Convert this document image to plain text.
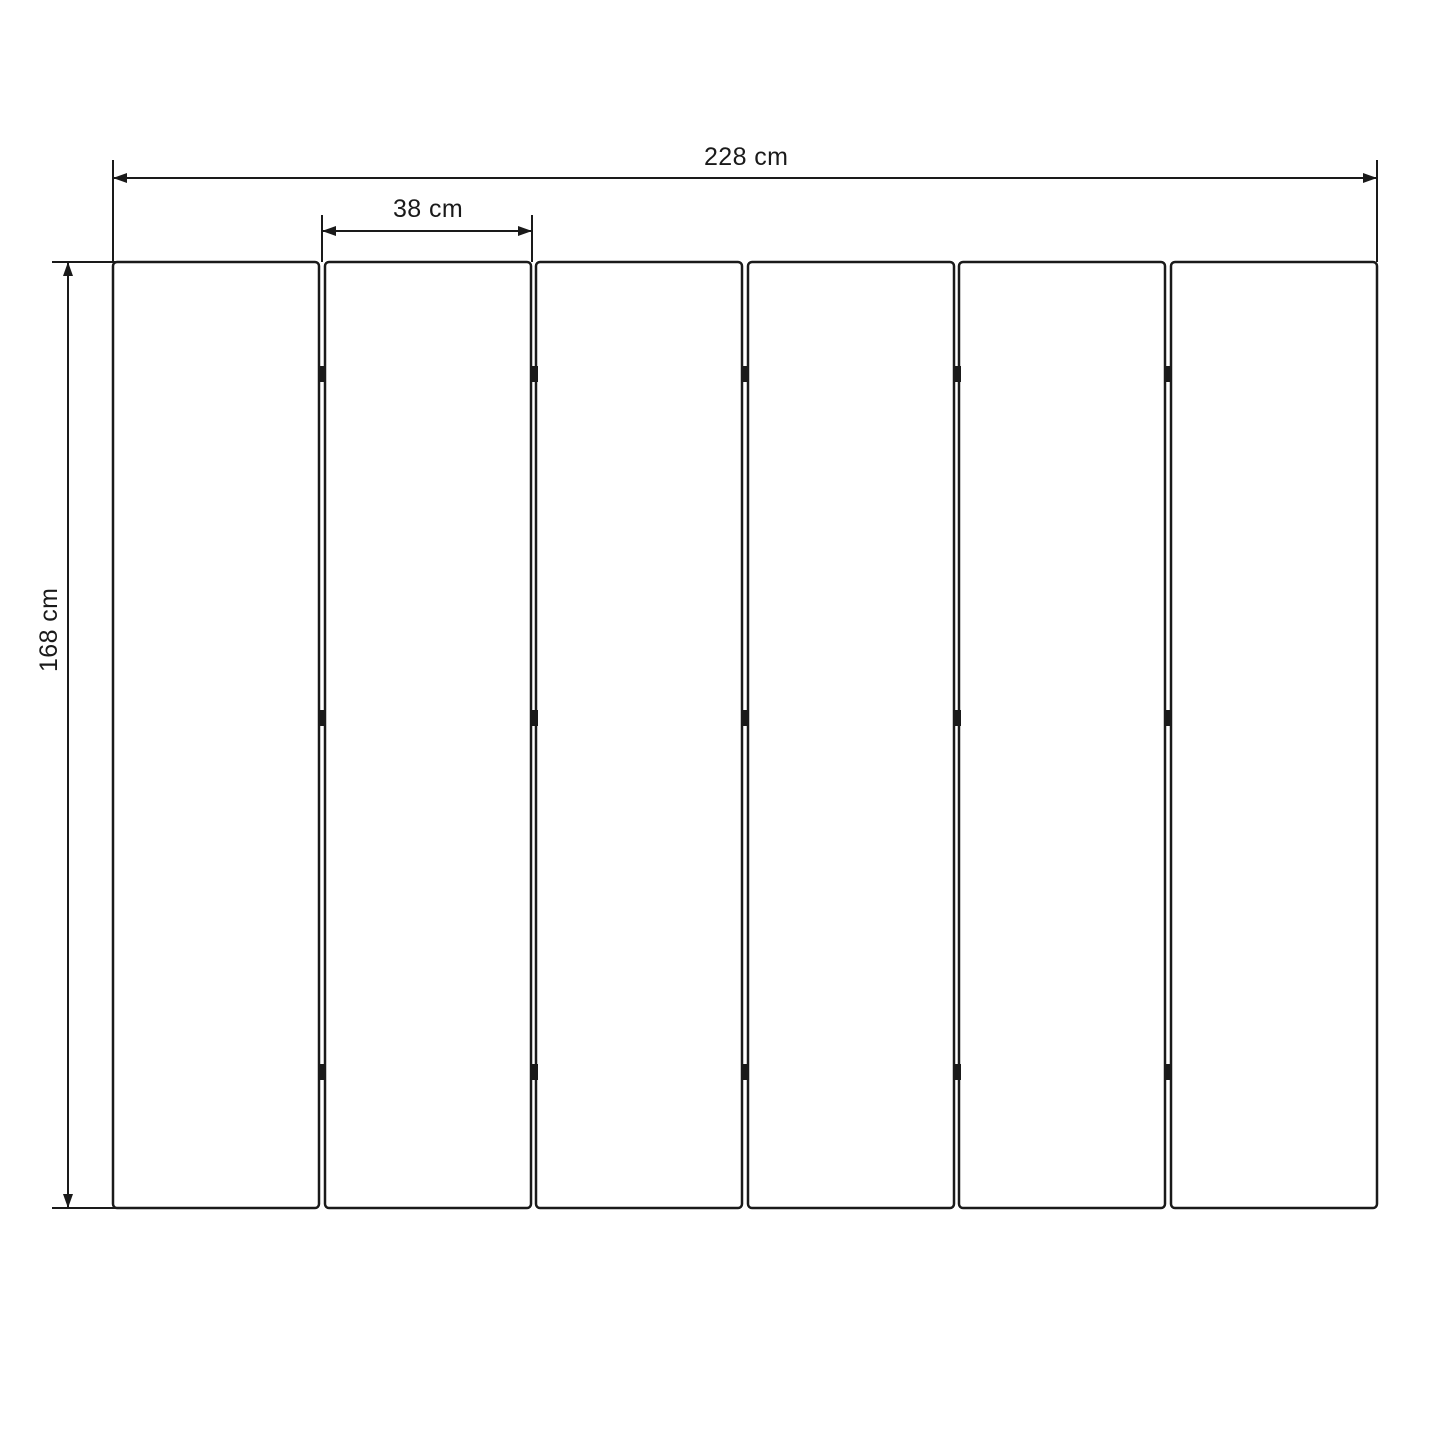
228 cm
38 cm
168 cm
